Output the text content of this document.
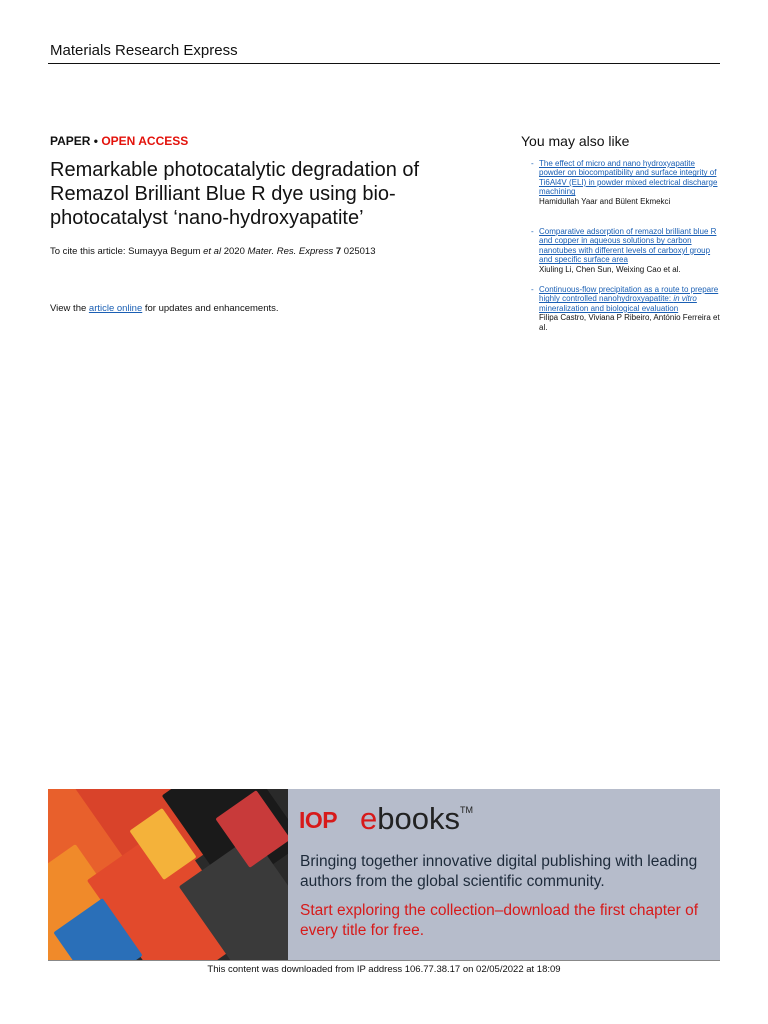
Materials Research Express
PAPER • OPEN ACCESS
Remarkable photocatalytic degradation of Remazol Brilliant Blue R dye using bio-photocatalyst ‘nano-hydroxyapatite’
To cite this article: Sumayya Begum et al 2020 Mater. Res. Express 7 025013
View the article online for updates and enhancements.
You may also like
- The effect of micro and nano hydroxyapatite powder on biocompatibility and surface integrity of Ti6Al4V (ELI) in powder mixed electrical discharge machining
Hamidullah Yaar and Bülent Ekmekci
- Comparative adsorption of remazol brilliant blue R and copper in aqueous solutions by carbon nanotubes with different levels of carboxyl group and specific surface area
Xiuling Li, Chen Sun, Weixing Cao et al.
- Continuous-flow precipitation as a route to prepare highly controlled nanohydroxyapatite: in vitro mineralization and biological evaluation
Filipa Castro, Viviana P Ribeiro, António Ferreira et al.
IOP ebooks™
Bringing together innovative digital publishing with leading authors from the global scientific community.
Start exploring the collection–download the first chapter of every title for free.
This content was downloaded from IP address 106.77.38.17 on 02/05/2022 at 18:09
